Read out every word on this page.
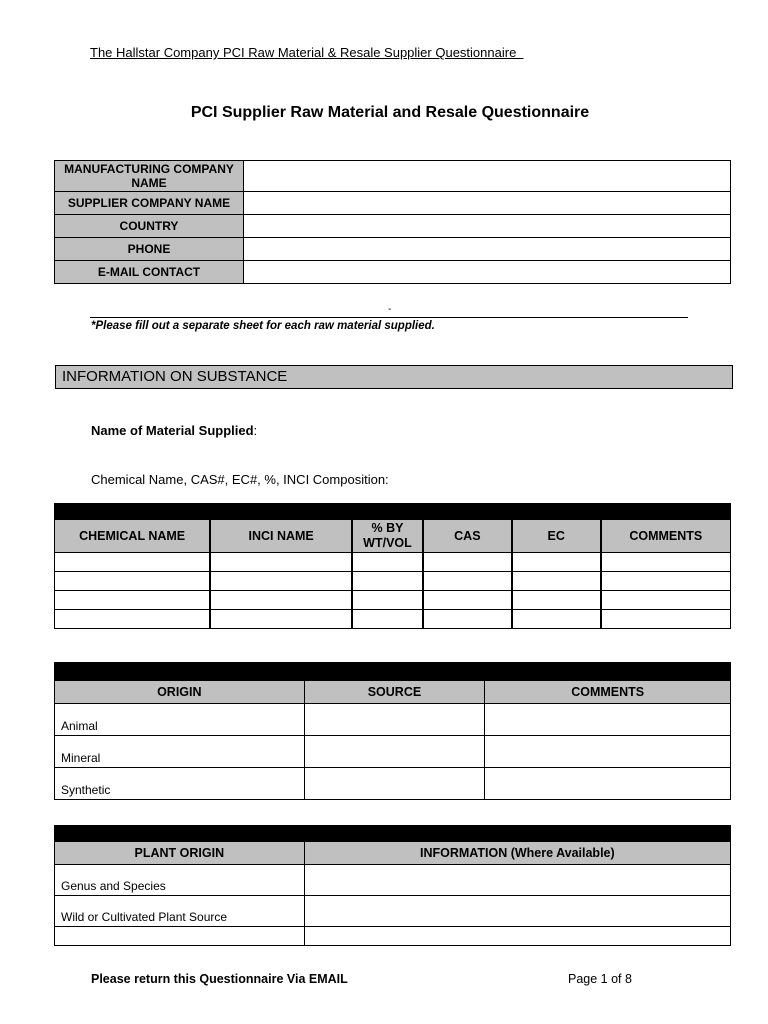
The Hallstar Company PCI Raw Material & Resale Supplier Questionnaire
PCI Supplier Raw Material and Resale Questionnaire
MANUFACTURING COMPANY NAME	
SUPPLIER COMPANY NAME	
COUNTRY	
PHONE	
E-MAIL CONTACT	
-
*Please fill out a separate sheet for each raw material supplied.
INFORMATION ON SUBSTANCE
Name of Material Supplied:
Chemical Name, CAS#, EC#, %, INCI Composition:
CHEMICAL NAME	INCI NAME	% BY WT/VOL	CAS	EC	COMMENTS

ORIGIN	SOURCE	COMMENTS
Animal		
Mineral		
Synthetic		
PLANT ORIGIN	INFORMATION (Where Available)
Genus and Species	
Wild or Cultivated Plant Source	

Please return this Questionnaire Via EMAIL	Page 1 of 8
